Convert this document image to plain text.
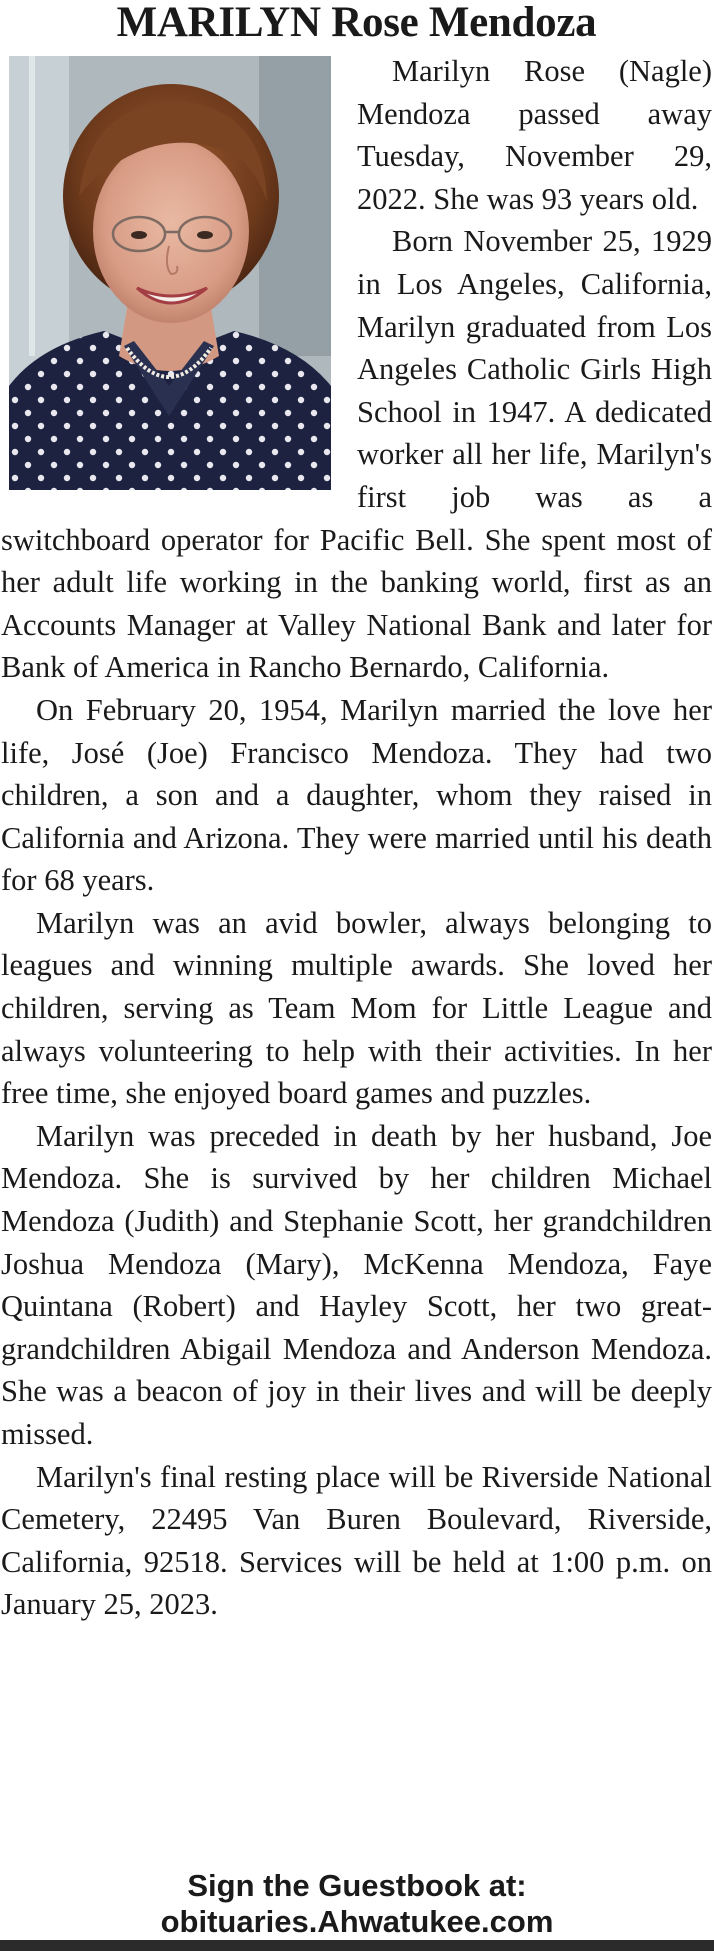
MARILYN Rose Mendoza

Marilyn Rose (Nagle) Mendoza passed away Tuesday, November 29, 2022. She was 93 years old.

Born November 25, 1929 in Los Angeles, California, Marilyn graduated from Los Angeles Catholic Girls High School in 1947. A dedicated worker all her life, Marilyn's first job was as a switchboard operator for Pacific Bell. She spent most of her adult life working in the banking world, first as an Accounts Manager at Valley National Bank and later for Bank of America in Rancho Bernardo, California.

On February 20, 1954, Marilyn married the love her life, José (Joe) Francisco Mendoza. They had two children, a son and a daughter, whom they raised in California and Arizona. They were married until his death for 68 years.

Marilyn was an avid bowler, always belonging to leagues and winning multiple awards. She loved her children, serving as Team Mom for Little League and always volunteering to help with their activities. In her free time, she enjoyed board games and puzzles.

Marilyn was preceded in death by her husband, Joe Mendoza. She is survived by her children Michael Mendoza (Judith) and Stephanie Scott, her grandchildren Joshua Mendoza (Mary), McKenna Mendoza, Faye Quintana (Robert) and Hayley Scott, her two great-grandchildren Abigail Mendoza and Anderson Mendoza. She was a beacon of joy in their lives and will be deeply missed.

Marilyn's final resting place will be Riverside National Cemetery, 22495 Van Buren Boulevard, Riverside, California, 92518. Services will be held at 1:00 p.m. on January 25, 2023.

Sign the Guestbook at:
obituaries.Ahwatukee.com
